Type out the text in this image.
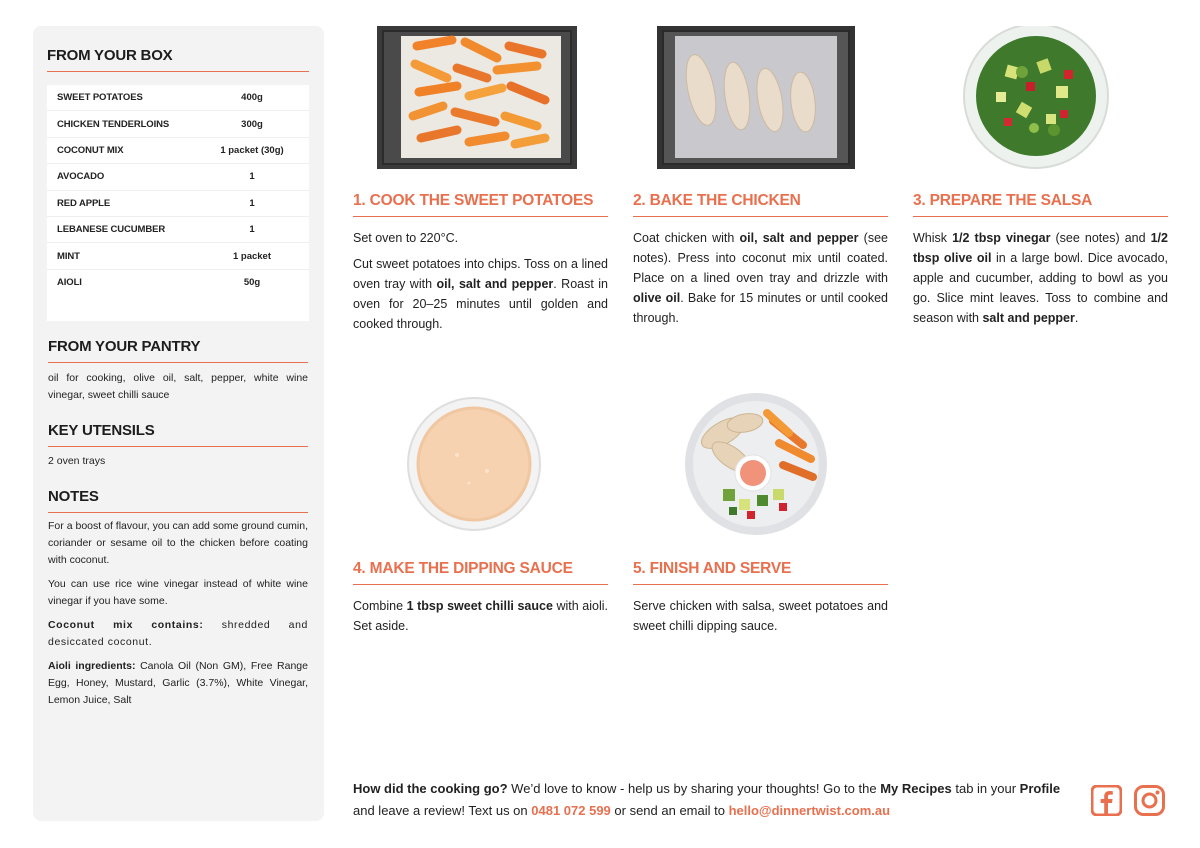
FROM YOUR BOX
SWEET POTATOES	400g
CHICKEN TENDERLOINS	300g
COCONUT MIX	1 packet (30g)
AVOCADO	1
RED APPLE	1
LEBANESE CUCUMBER	1
MINT	1 packet
AIOLI	50g
FROM YOUR PANTRY
oil for cooking, olive oil, salt, pepper, white wine vinegar, sweet chilli sauce
KEY UTENSILS
2 oven trays
NOTES

For a boost of flavour, you can add some ground cumin, coriander or sesame oil to the chicken before coating with coconut.

You can use rice wine vinegar instead of white wine vinegar if you have some.

Coconut mix contains: shredded and desiccated coconut.

Aioli ingredients: Canola Oil (Non GM), Free Range Egg, Honey, Mustard, Garlic (3.7%), White Vinegar, Lemon Juice, Salt

1. COOK THE SWEET POTATOES

Set oven to 220°C.

Cut sweet potatoes into chips. Toss on a lined oven tray with oil, salt and pepper. Roast in oven for 20–25 minutes until golden and cooked through.

2. BAKE THE CHICKEN

Coat chicken with oil, salt and pepper (see notes). Press into coconut mix until coated. Place on a lined oven tray and drizzle with olive oil. Bake for 15 minutes or until cooked through.

3. PREPARE THE SALSA

Whisk 1/2 tbsp vinegar (see notes) and 1/2 tbsp olive oil in a large bowl. Dice avocado, apple and cucumber, adding to bowl as you go. Slice mint leaves. Toss to combine and season with salt and pepper.

4. MAKE THE DIPPING SAUCE

Combine 1 tbsp sweet chilli sauce with aioli. Set aside.

5. FINISH AND SERVE

Serve chicken with salsa, sweet potatoes and sweet chilli dipping sauce.

How did the cooking go? We’d love to know - help us by sharing your thoughts! Go to the My Recipes tab in your Profile and leave a review! Text us on 0481 072 599 or send an email to hello@dinnertwist.com.au
